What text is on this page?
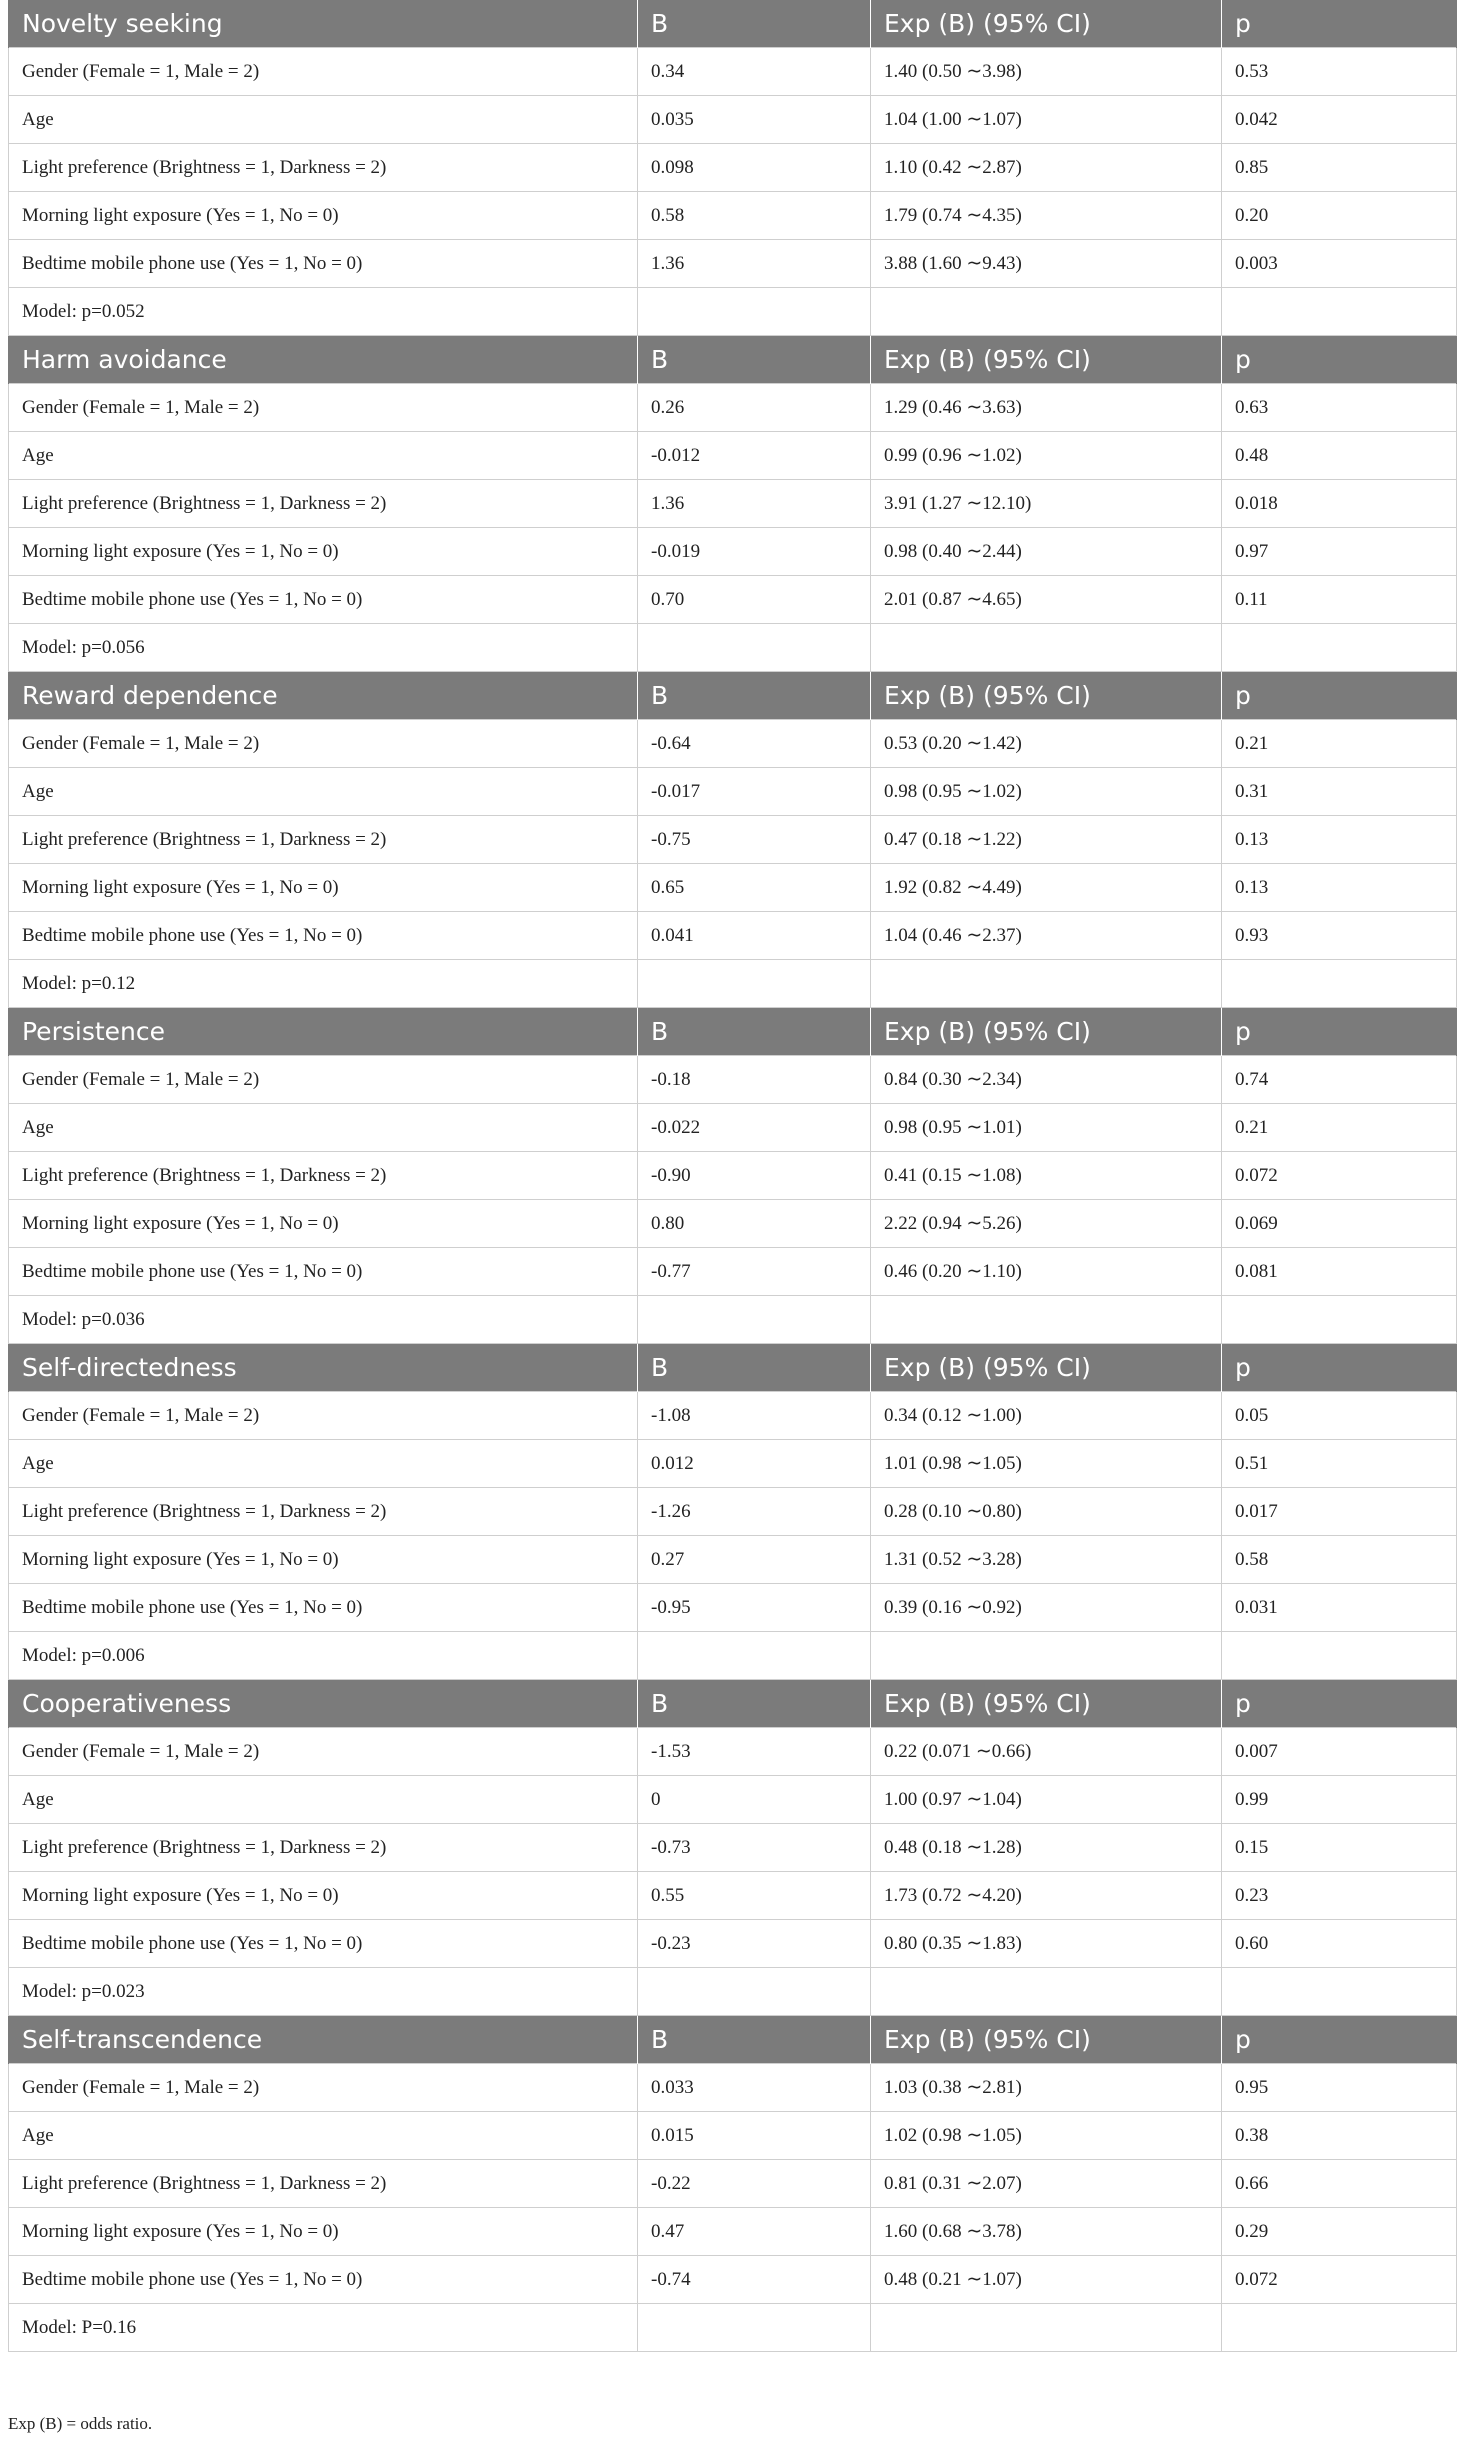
Novelty seeking	B	Exp (B) (95% CI)	p
Gender (Female = 1, Male = 2)	0.34	1.40 (0.50 ∼3.98)	0.53
Age	0.035	1.04 (1.00 ∼1.07)	0.042
Light preference (Brightness = 1, Darkness = 2)	0.098	1.10 (0.42 ∼2.87)	0.85
Morning light exposure (Yes = 1, No = 0)	0.58	1.79 (0.74 ∼4.35)	0.20
Bedtime mobile phone use (Yes = 1, No = 0)	1.36	3.88 (1.60 ∼9.43)	0.003
Model: p=0.052			
Harm avoidance	B	Exp (B) (95% CI)	p
Gender (Female = 1, Male = 2)	0.26	1.29 (0.46 ∼3.63)	0.63
Age	-0.012	0.99 (0.96 ∼1.02)	0.48
Light preference (Brightness = 1, Darkness = 2)	1.36	3.91 (1.27 ∼12.10)	0.018
Morning light exposure (Yes = 1, No = 0)	-0.019	0.98 (0.40 ∼2.44)	0.97
Bedtime mobile phone use (Yes = 1, No = 0)	0.70	2.01 (0.87 ∼4.65)	0.11
Model: p=0.056			
Reward dependence	B	Exp (B) (95% CI)	p
Gender (Female = 1, Male = 2)	-0.64	0.53 (0.20 ∼1.42)	0.21
Age	-0.017	0.98 (0.95 ∼1.02)	0.31
Light preference (Brightness = 1, Darkness = 2)	-0.75	0.47 (0.18 ∼1.22)	0.13
Morning light exposure (Yes = 1, No = 0)	0.65	1.92 (0.82 ∼4.49)	0.13
Bedtime mobile phone use (Yes = 1, No = 0)	0.041	1.04 (0.46 ∼2.37)	0.93
Model: p=0.12			
Persistence	B	Exp (B) (95% CI)	p
Gender (Female = 1, Male = 2)	-0.18	0.84 (0.30 ∼2.34)	0.74
Age	-0.022	0.98 (0.95 ∼1.01)	0.21
Light preference (Brightness = 1, Darkness = 2)	-0.90	0.41 (0.15 ∼1.08)	0.072
Morning light exposure (Yes = 1, No = 0)	0.80	2.22 (0.94 ∼5.26)	0.069
Bedtime mobile phone use (Yes = 1, No = 0)	-0.77	0.46 (0.20 ∼1.10)	0.081
Model: p=0.036			
Self-directedness	B	Exp (B) (95% CI)	p
Gender (Female = 1, Male = 2)	-1.08	0.34 (0.12 ∼1.00)	0.05
Age	0.012	1.01 (0.98 ∼1.05)	0.51
Light preference (Brightness = 1, Darkness = 2)	-1.26	0.28 (0.10 ∼0.80)	0.017
Morning light exposure (Yes = 1, No = 0)	0.27	1.31 (0.52 ∼3.28)	0.58
Bedtime mobile phone use (Yes = 1, No = 0)	-0.95	0.39 (0.16 ∼0.92)	0.031
Model: p=0.006			
Cooperativeness	B	Exp (B) (95% CI)	p
Gender (Female = 1, Male = 2)	-1.53	0.22 (0.071 ∼0.66)	0.007
Age	0	1.00 (0.97 ∼1.04)	0.99
Light preference (Brightness = 1, Darkness = 2)	-0.73	0.48 (0.18 ∼1.28)	0.15
Morning light exposure (Yes = 1, No = 0)	0.55	1.73 (0.72 ∼4.20)	0.23
Bedtime mobile phone use (Yes = 1, No = 0)	-0.23	0.80 (0.35 ∼1.83)	0.60
Model: p=0.023			
Self-transcendence	B	Exp (B) (95% CI)	p
Gender (Female = 1, Male = 2)	0.033	1.03 (0.38 ∼2.81)	0.95
Age	0.015	1.02 (0.98 ∼1.05)	0.38
Light preference (Brightness = 1, Darkness = 2)	-0.22	0.81 (0.31 ∼2.07)	0.66
Morning light exposure (Yes = 1, No = 0)	0.47	1.60 (0.68 ∼3.78)	0.29
Bedtime mobile phone use (Yes = 1, No = 0)	-0.74	0.48 (0.21 ∼1.07)	0.072
Model: P=0.16			
Exp (B) = odds ratio.
